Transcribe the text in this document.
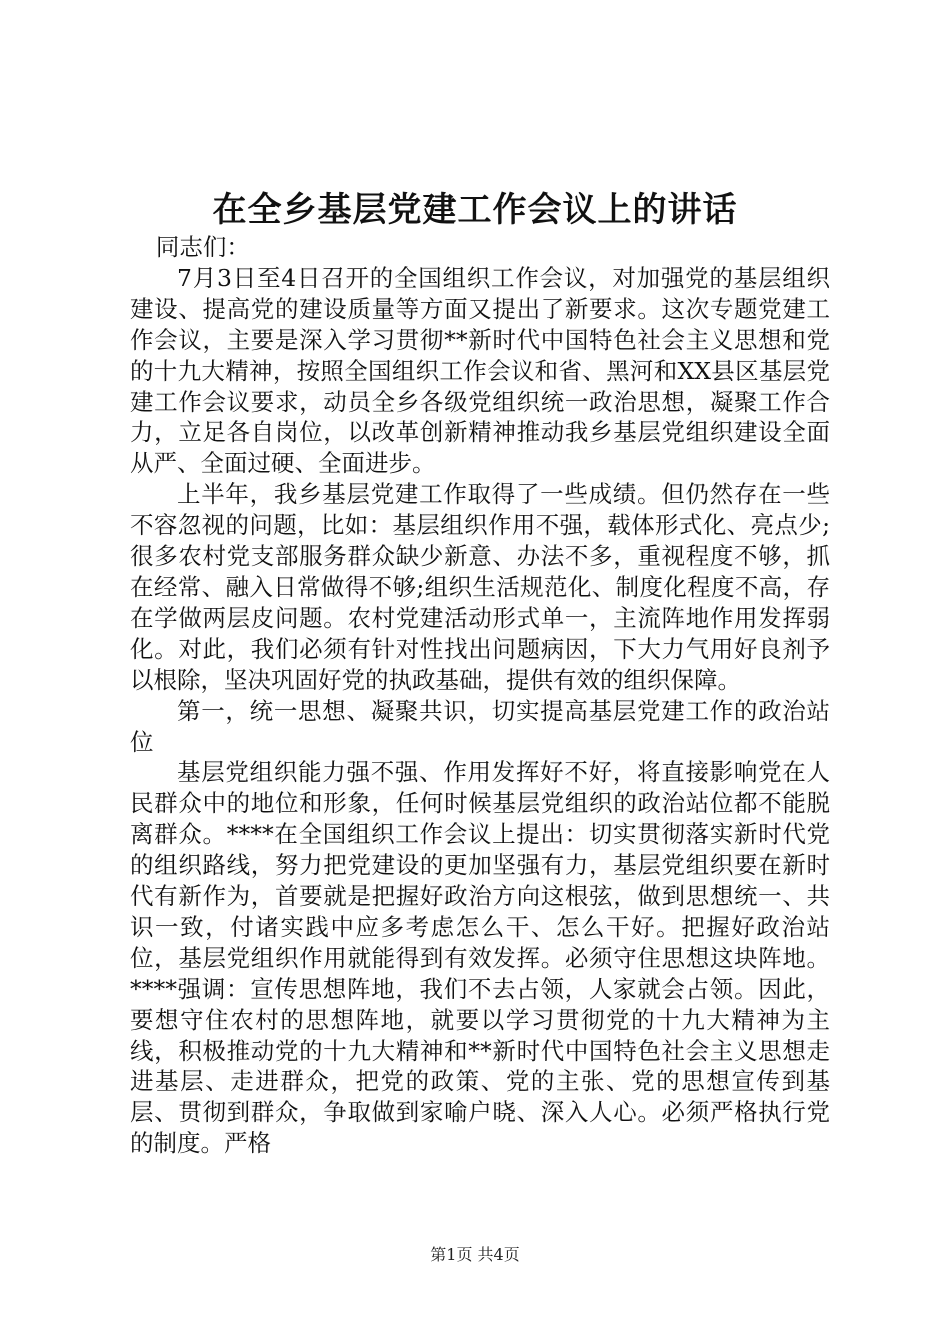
在全乡基层党建工作会议上的讲话

同志们：

7月3日至4日召开的全国组织工作会议，对加强党的基层组织建设、提高党的建设质量等方面又提出了新要求。这次专题党建工作会议，主要是深入学习贯彻**新时代中国特色社会主义思想和党的十九大精神，按照全国组织工作会议和省、黑河和XX县区基层党建工作会议要求，动员全乡各级党组织统一政治思想，凝聚工作合力，立足各自岗位，以改革创新精神推动我乡基层党组织建设全面从严、全面过硬、全面进步。

上半年，我乡基层党建工作取得了一些成绩。但仍然存在一些不容忽视的问题，比如：基层组织作用不强，载体形式化、亮点少;很多农村党支部服务群众缺少新意、办法不多，重视程度不够，抓在经常、融入日常做得不够;组织生活规范化、制度化程度不高，存在学做两层皮问题。农村党建活动形式单一，主流阵地作用发挥弱化。对此，我们必须有针对性找出问题病因，下大力气用好良剂予以根除，坚决巩固好党的执政基础，提供有效的组织保障。

第一，统一思想、凝聚共识，切实提高基层党建工作的政治站位

基层党组织能力强不强、作用发挥好不好，将直接影响党在人民群众中的地位和形象，任何时候基层党组织的政治站位都不能脱离群众。****在全国组织工作会议上提出：切实贯彻落实新时代党的组织路线，努力把党建设的更加坚强有力，基层党组织要在新时代有新作为，首要就是把握好政治方向这根弦，做到思想统一、共识一致，付诸实践中应多考虑怎么干、怎么干好。把握好政治站位，基层党组织作用就能得到有效发挥。必须守住思想这块阵地。****强调：宣传思想阵地，我们不去占领，人家就会占领。因此，要想守住农村的思想阵地，就要以学习贯彻党的十九大精神为主线，积极推动党的十九大精神和**新时代中国特色社会主义思想走进基层、走进群众，把党的政策、党的主张、党的思想宣传到基层、贯彻到群众，争取做到家喻户晓、深入人心。必须严格执行党的制度。严格

第1页 共4页
